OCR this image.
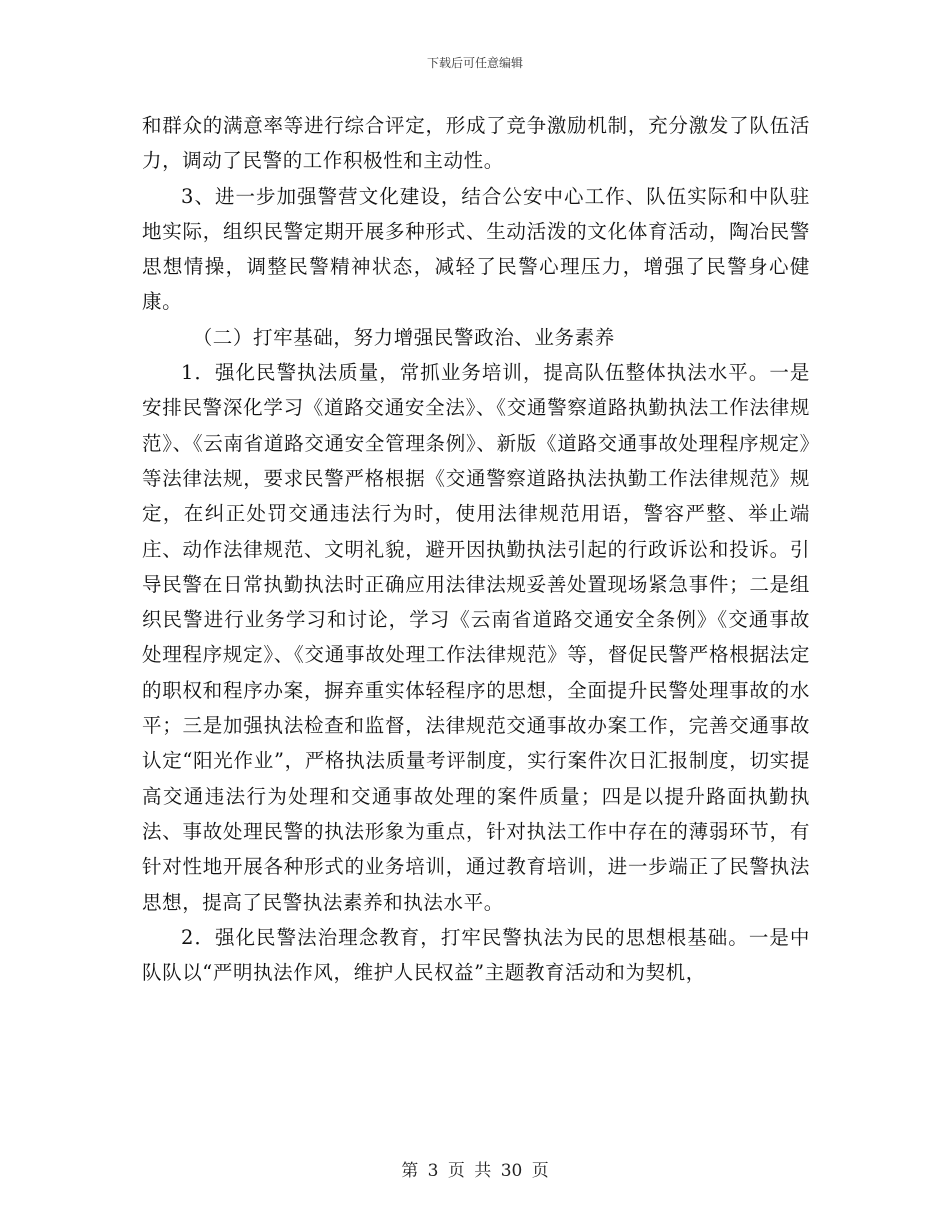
下载后可任意编辑

和群众的满意率等进行综合评定，形成了竞争激励机制，充分激发了队伍活力，调动了民警的工作积极性和主动性。

3、进一步加强警营文化建设，结合公安中心工作、队伍实际和中队驻地实际，组织民警定期开展多种形式、生动活泼的文化体育活动，陶冶民警思想情操，调整民警精神状态，减轻了民警心理压力，增强了民警身心健康。

（二）打牢基础，努力增强民警政治、业务素养

1．强化民警执法质量，常抓业务培训，提高队伍整体执法水平。一是安排民警深化学习《道路交通安全法》、《交通警察道路执勤执法工作法律规范》、《云南省道路交通安全管理条例》、新版《道路交通事故处理程序规定》等法律法规，要求民警严格根据《交通警察道路执法执勤工作法律规范》规定，在纠正处罚交通违法行为时，使用法律规范用语，警容严整、举止端庄、动作法律规范、文明礼貌，避开因执勤执法引起的行政诉讼和投诉。引导民警在日常执勤执法时正确应用法律法规妥善处置现场紧急事件；二是组织民警进行业务学习和讨论，学习《云南省道路交通安全条例》《交通事故处理程序规定》、《交通事故处理工作法律规范》等，督促民警严格根据法定的职权和程序办案，摒弃重实体轻程序的思想，全面提升民警处理事故的水平；三是加强执法检查和监督，法律规范交通事故办案工作，完善交通事故认定“阳光作业”，严格执法质量考评制度，实行案件次日汇报制度，切实提高交通违法行为处理和交通事故处理的案件质量；四是以提升路面执勤执法、事故处理民警的执法形象为重点，针对执法工作中存在的薄弱环节，有针对性地开展各种形式的业务培训，通过教育培训，进一步端正了民警执法思想，提高了民警执法素养和执法水平。

2．强化民警法治理念教育，打牢民警执法为民的思想根基础。一是中队队以“严明执法作风，维护人民权益”主题教育活动和为契机，

第 3 页 共 30 页
